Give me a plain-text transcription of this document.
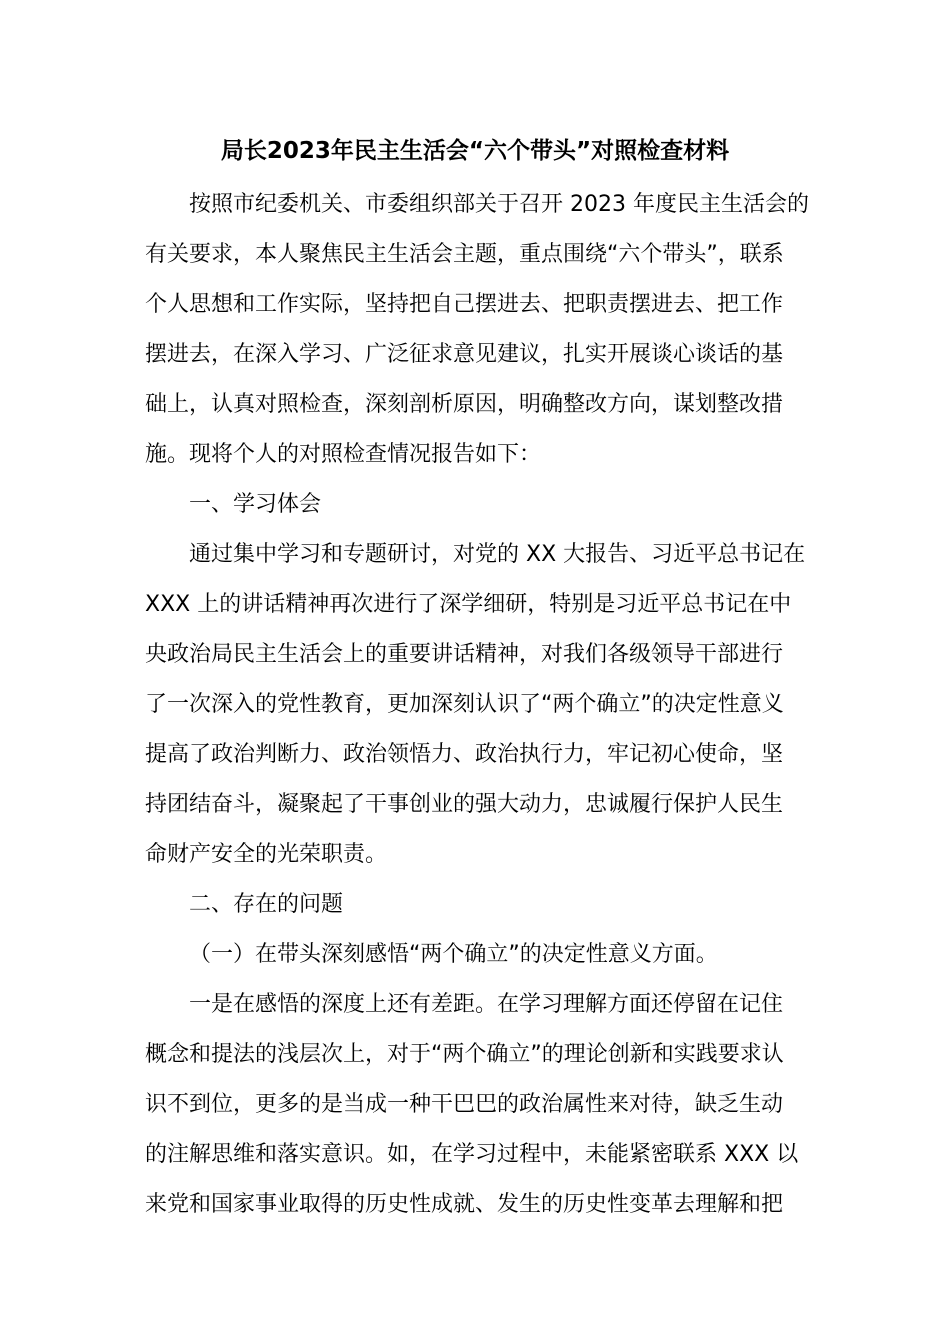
局长2023年民主生活会“六个带头”对照检查材料

按照市纪委机关、市委组织部关于召开 2023 年度民主生活会的
有关要求，本人聚焦民主生活会主题，重点围绕“六个带头”，联系
个人思想和工作实际，坚持把自己摆进去、把职责摆进去、把工作
摆进去，在深入学习、广泛征求意见建议，扎实开展谈心谈话的基
础上，认真对照检查，深刻剖析原因，明确整改方向，谋划整改措
施。现将个人的对照检查情况报告如下：

一、学习体会

通过集中学习和专题研讨，对党的 XX 大报告、习近平总书记在
XXX 上的讲话精神再次进行了深学细研，特别是习近平总书记在中
央政治局民主生活会上的重要讲话精神，对我们各级领导干部进行
了一次深入的党性教育，更加深刻认识了“两个确立”的决定性意义
提高了政治判断力、政治领悟力、政治执行力，牢记初心使命，坚
持团结奋斗，凝聚起了干事创业的强大动力，忠诚履行保护人民生
命财产安全的光荣职责。

二、存在的问题

（一）在带头深刻感悟“两个确立”的决定性意义方面。

一是在感悟的深度上还有差距。在学习理解方面还停留在记住
概念和提法的浅层次上，对于“两个确立”的理论创新和实践要求认
识不到位，更多的是当成一种干巴巴的政治属性来对待，缺乏生动
的注解思维和落实意识。如，在学习过程中，未能紧密联系 XXX 以
来党和国家事业取得的历史性成就、发生的历史性变革去理解和把
